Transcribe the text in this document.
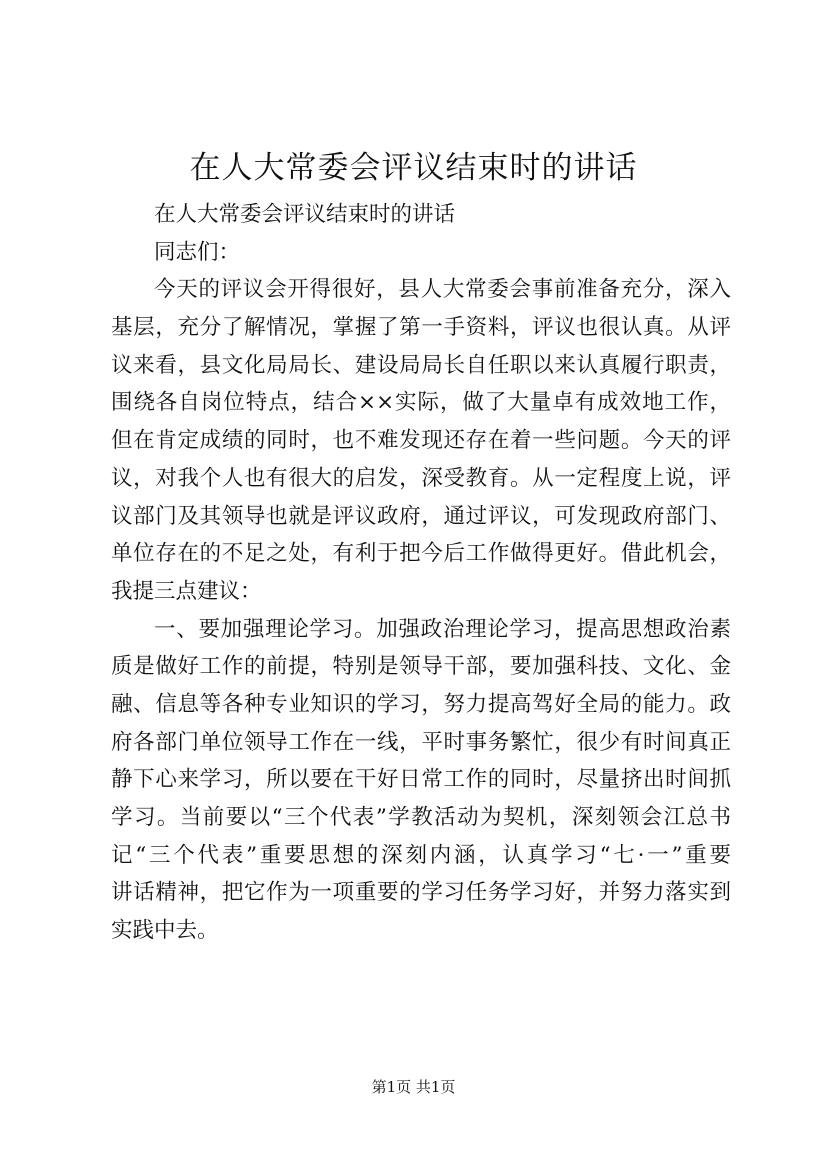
在人大常委会评议结束时的讲话
在人大常委会评议结束时的讲话
同志们：
今天的评议会开得很好，县人大常委会事前准备充分，深入
基层，充分了解情况，掌握了第一手资料，评议也很认真。从评
议来看，县文化局局长、建设局局长自任职以来认真履行职责，
围绕各自岗位特点，结合××实际，做了大量卓有成效地工作，
但在肯定成绩的同时，也不难发现还存在着一些问题。今天的评
议，对我个人也有很大的启发，深受教育。从一定程度上说，评
议部门及其领导也就是评议政府，通过评议，可发现政府部门、
单位存在的不足之处，有利于把今后工作做得更好。借此机会，
我提三点建议：
一、要加强理论学习。加强政治理论学习，提高思想政治素
质是做好工作的前提，特别是领导干部，要加强科技、文化、金
融、信息等各种专业知识的学习，努力提高驾好全局的能力。政
府各部门单位领导工作在一线，平时事务繁忙，很少有时间真正
静下心来学习，所以要在干好日常工作的同时，尽量挤出时间抓
学习。当前要以“三个代表”学教活动为契机，深刻领会江总书
记“三个代表”重要思想的深刻内涵，认真学习“七·一”重要
讲话精神，把它作为一项重要的学习任务学习好，并努力落实到
实践中去。
第1页 共1页
